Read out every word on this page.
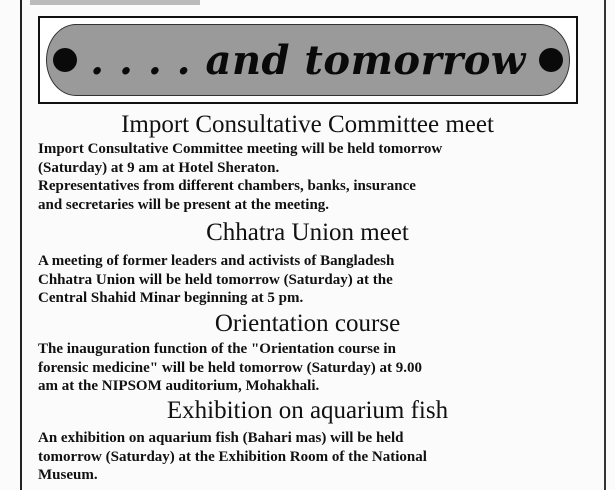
. . . . and tomorrow
Import Consultative Committee meet
Import Consultative Committee meeting will be held tomorrow
(Saturday) at 9 am at Hotel Sheraton.
Representatives from different chambers, banks, insurance
and secretaries will be present at the meeting.
Chhatra Union meet
A meeting of former leaders and activists of Bangladesh
Chhatra Union will be held tomorrow (Saturday) at the
Central Shahid Minar beginning at 5 pm.
Orientation course
The inauguration function of the "Orientation course in
forensic medicine" will be held tomorrow (Saturday) at 9.00
am at the NIPSOM auditorium, Mohakhali.
Exhibition on aquarium fish
An exhibition on aquarium fish (Bahari mas) will be held
tomorrow (Saturday) at the Exhibition Room of the National
Museum.
